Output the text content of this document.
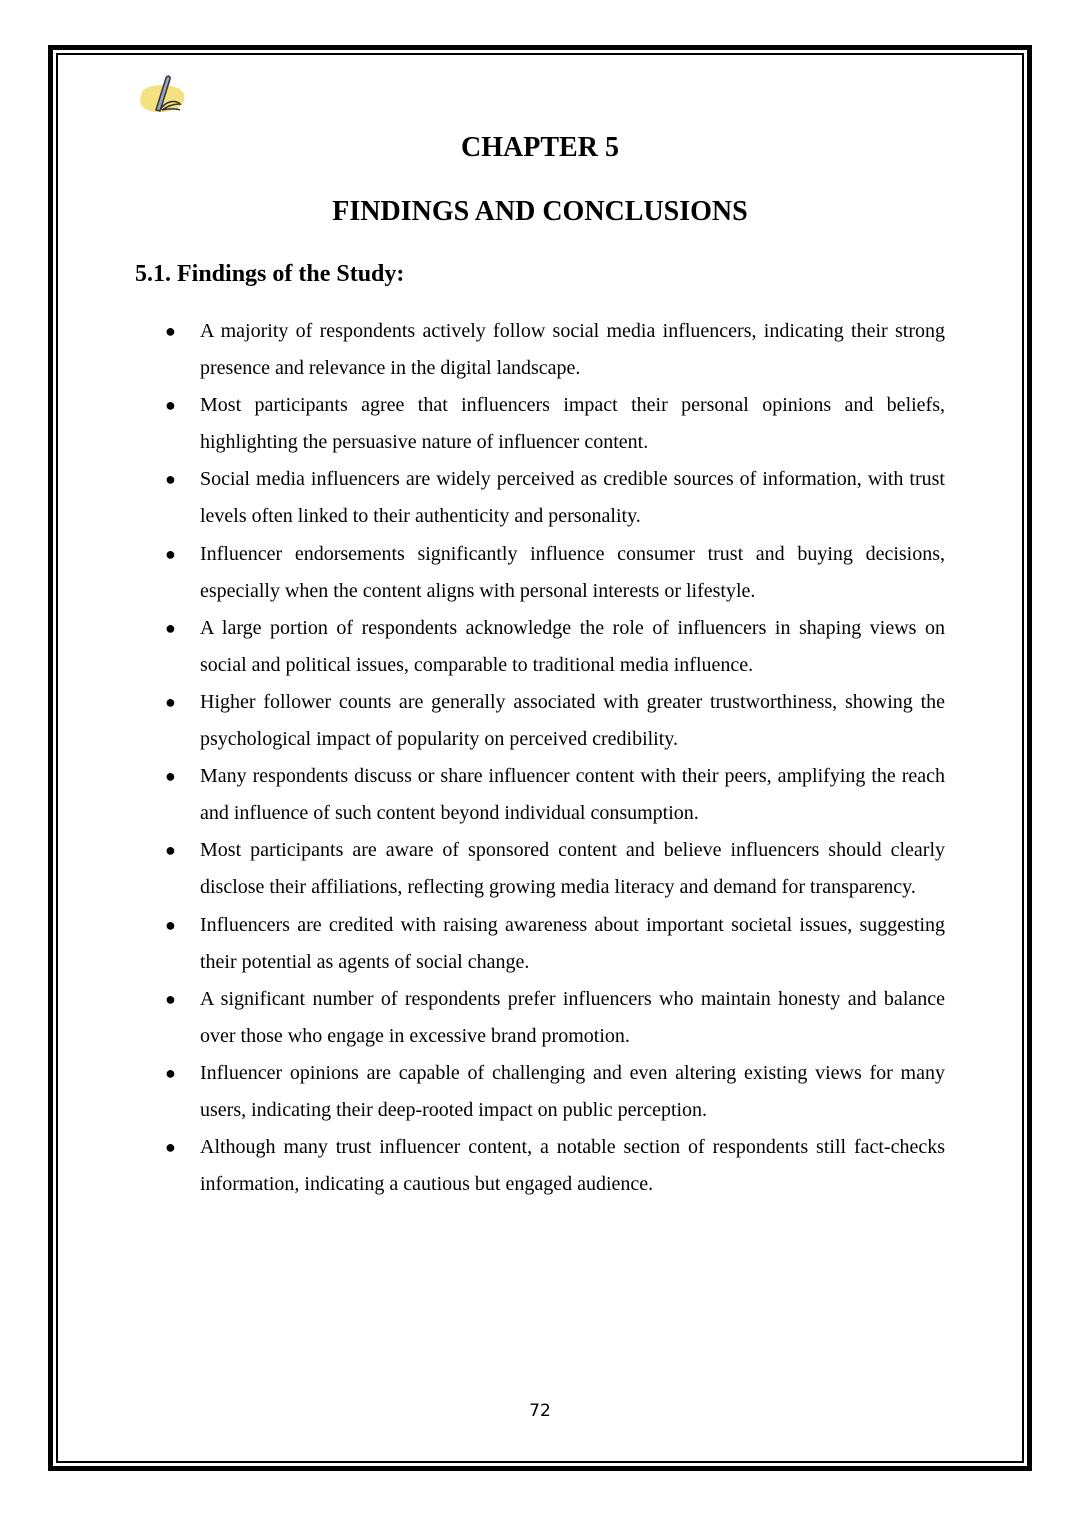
CHAPTER 5
FINDINGS AND CONCLUSIONS
5.1. Findings of the Study:
● A majority of respondents actively follow social media influencers, indicating their strong presence and relevance in the digital landscape.
● Most participants agree that influencers impact their personal opinions and beliefs, highlighting the persuasive nature of influencer content.
● Social media influencers are widely perceived as credible sources of information, with trust levels often linked to their authenticity and personality.
● Influencer endorsements significantly influence consumer trust and buying decisions, especially when the content aligns with personal interests or lifestyle.
● A large portion of respondents acknowledge the role of influencers in shaping views on social and political issues, comparable to traditional media influence.
● Higher follower counts are generally associated with greater trustworthiness, showing the psychological impact of popularity on perceived credibility.
● Many respondents discuss or share influencer content with their peers, amplifying the reach and influence of such content beyond individual consumption.
● Most participants are aware of sponsored content and believe influencers should clearly disclose their affiliations, reflecting growing media literacy and demand for transparency.
● Influencers are credited with raising awareness about important societal issues, suggesting their potential as agents of social change.
● A significant number of respondents prefer influencers who maintain honesty and balance over those who engage in excessive brand promotion.
● Influencer opinions are capable of challenging and even altering existing views for many users, indicating their deep-rooted impact on public perception.
● Although many trust influencer content, a notable section of respondents still fact-checks information, indicating a cautious but engaged audience.
72
